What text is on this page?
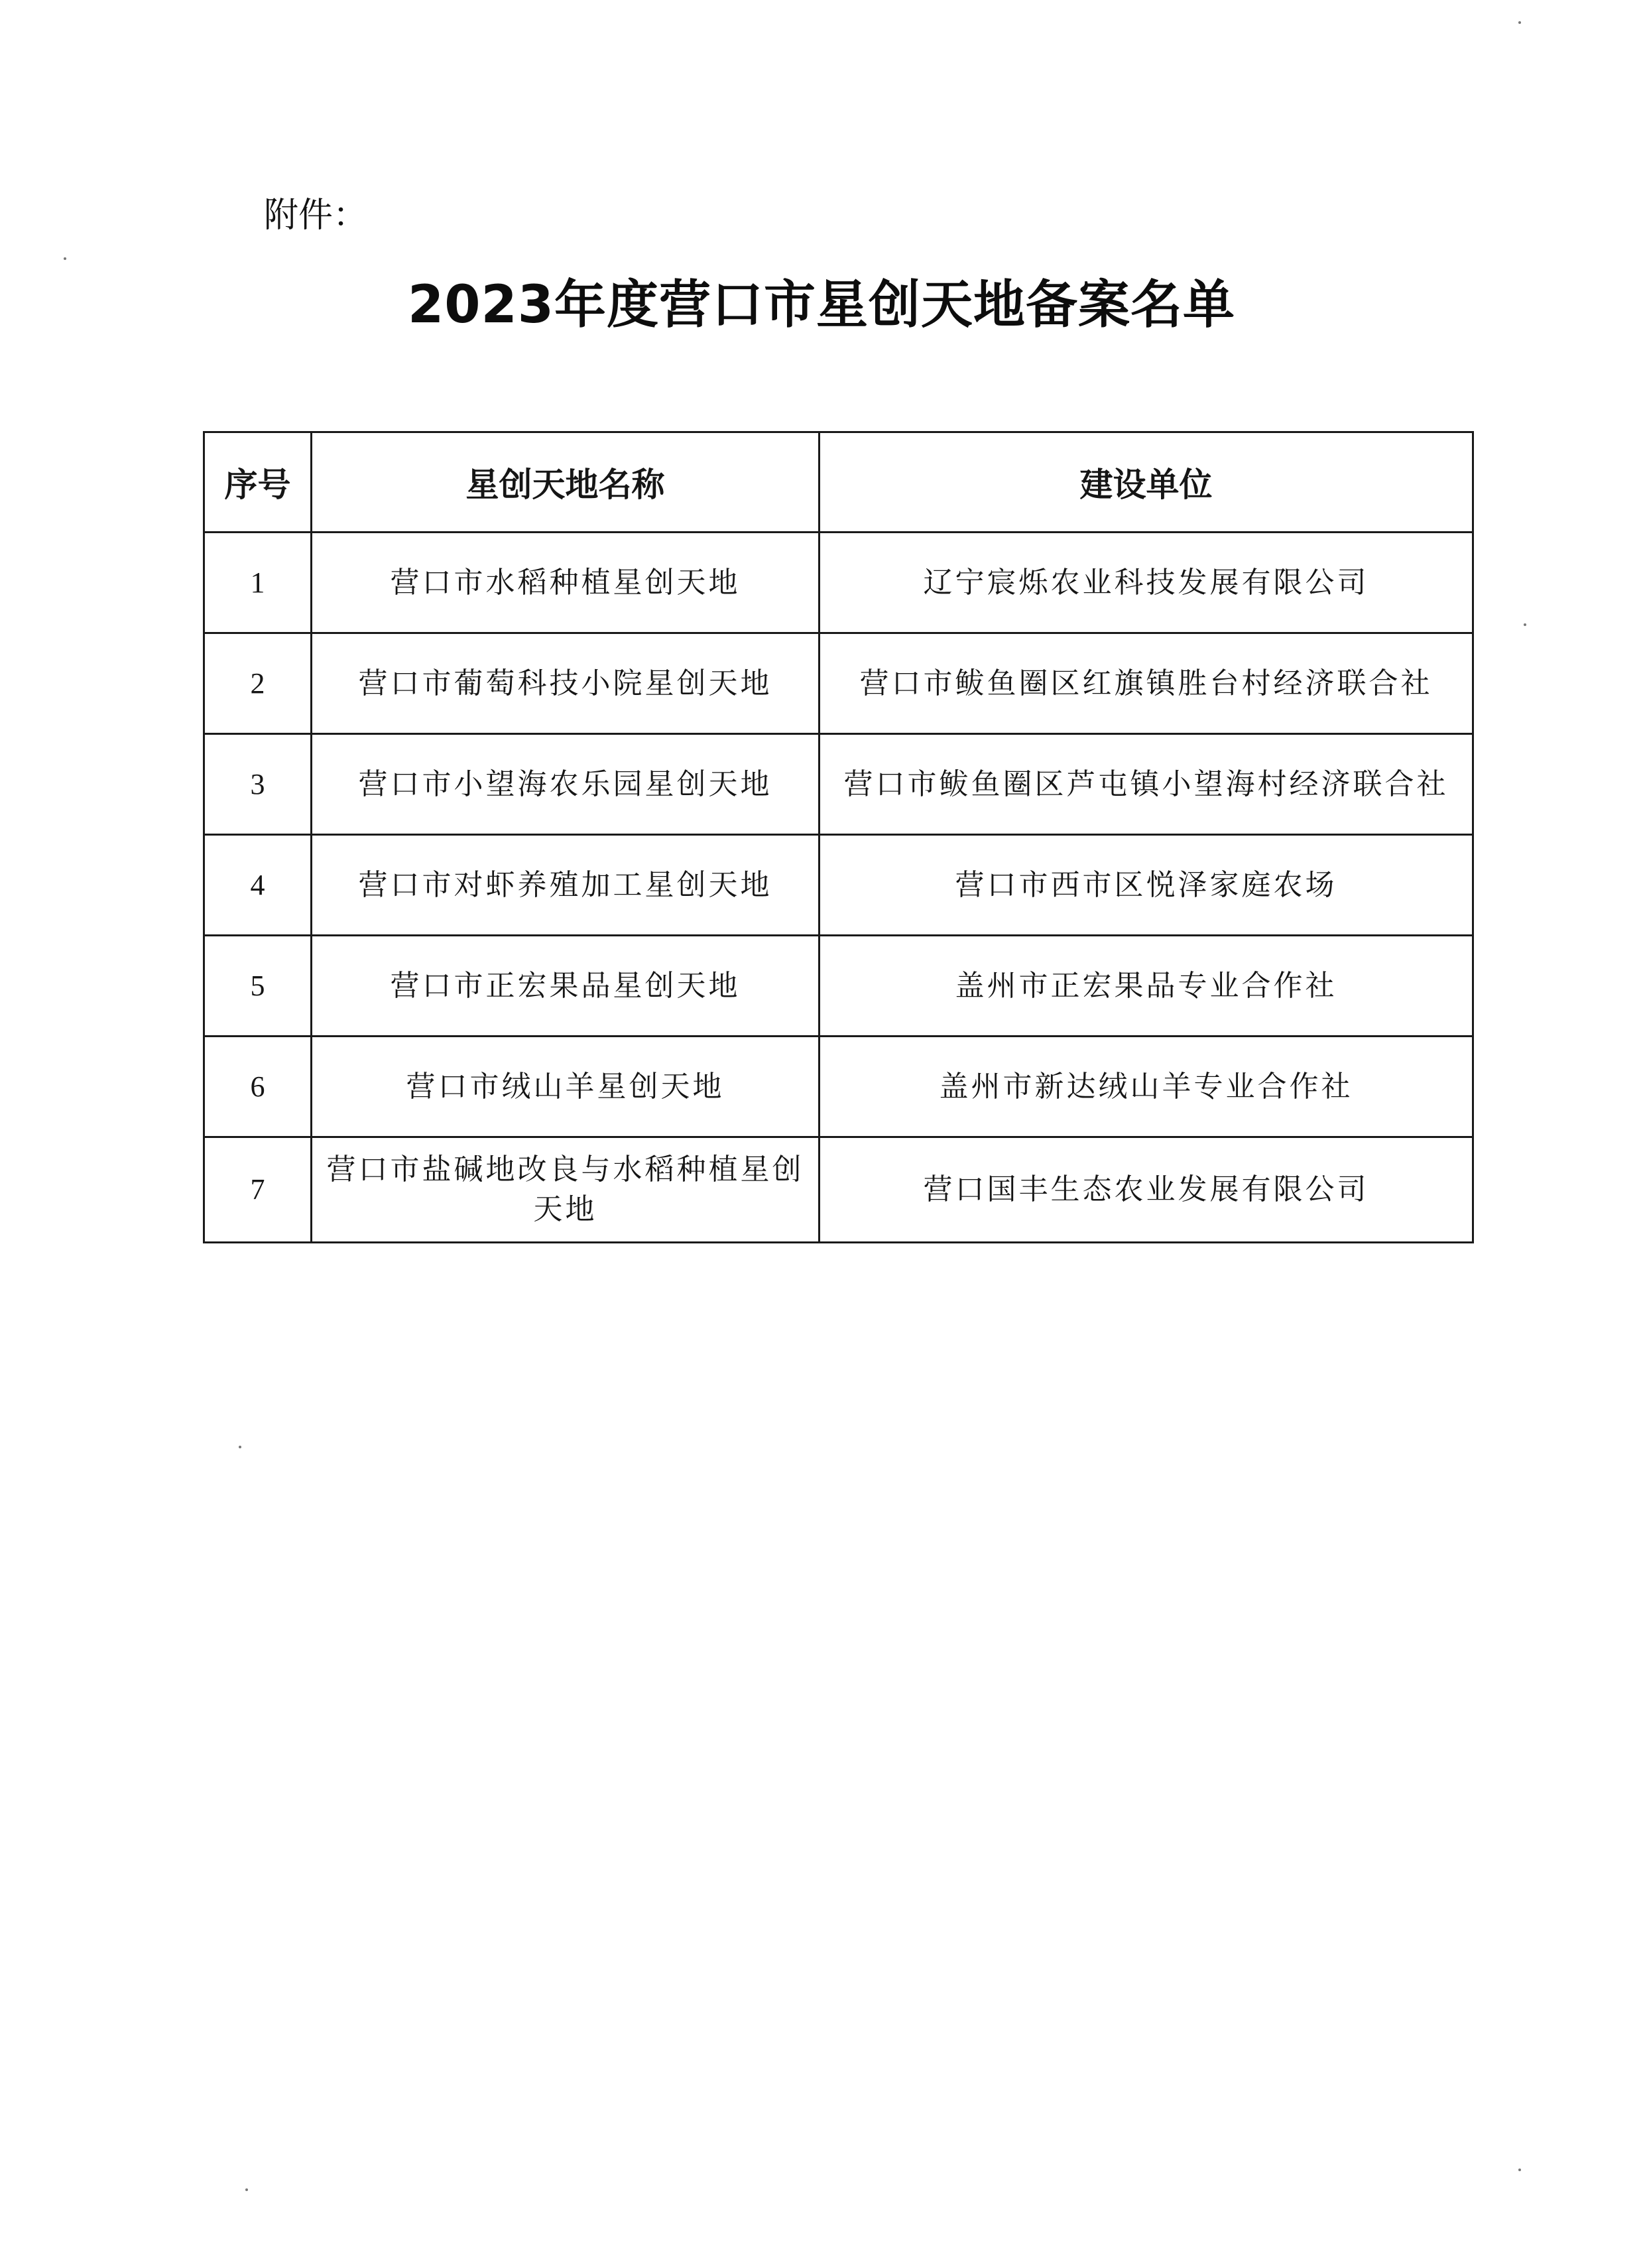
附件：
2023年度营口市星创天地备案名单
序号	星创天地名称	建设单位
1	营口市水稻种植星创天地	辽宁宸烁农业科技发展有限公司
2	营口市葡萄科技小院星创天地	营口市鲅鱼圈区红旗镇胜台村经济联合社
3	营口市小望海农乐园星创天地	营口市鲅鱼圈区芦屯镇小望海村经济联合社
4	营口市对虾养殖加工星创天地	营口市西市区悦泽家庭农场
5	营口市正宏果品星创天地	盖州市正宏果品专业合作社
6	营口市绒山羊星创天地	盖州市新达绒山羊专业合作社
7	营口市盐碱地改良与水稻种植星创天地	营口国丰生态农业发展有限公司
